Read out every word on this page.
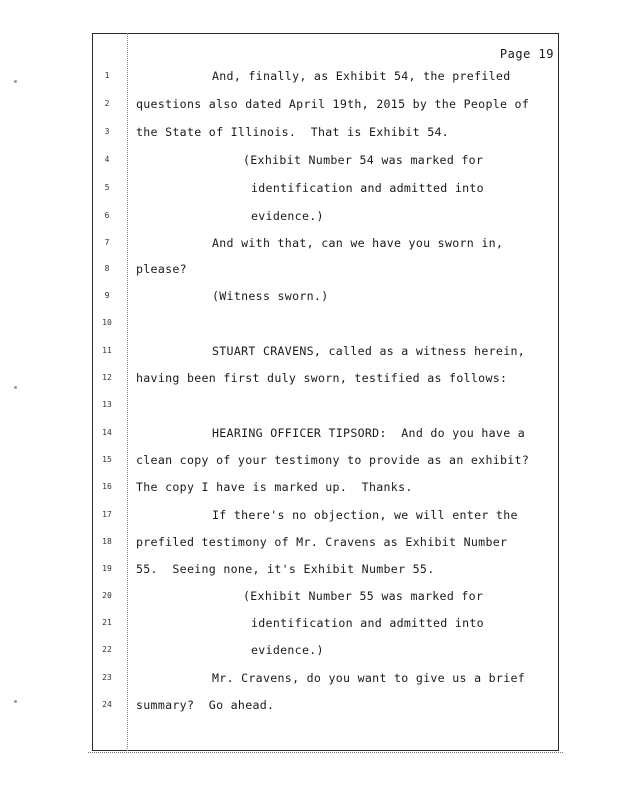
Page 19
1	And, finally, as Exhibit 54, the prefiled
2	questions also dated April 19th, 2015 by the People of
3	the State of Illinois.  That is Exhibit 54.
4	(Exhibit Number 54 was marked for
5	identification and admitted into
6	evidence.)
7	And with that, can we have you sworn in,
8	please?
9	(Witness sworn.)
10
11	STUART CRAVENS, called as a witness herein,
12	having been first duly sworn, testified as follows:
13
14	HEARING OFFICER TIPSORD:  And do you have a
15	clean copy of your testimony to provide as an exhibit?
16	The copy I have is marked up.  Thanks.
17	If there's no objection, we will enter the
18	prefiled testimony of Mr. Cravens as Exhibit Number
19	55.  Seeing none, it's Exhibit Number 55.
20	(Exhibit Number 55 was marked for
21	identification and admitted into
22	evidence.)
23	Mr. Cravens, do you want to give us a brief
24	summary?  Go ahead.
